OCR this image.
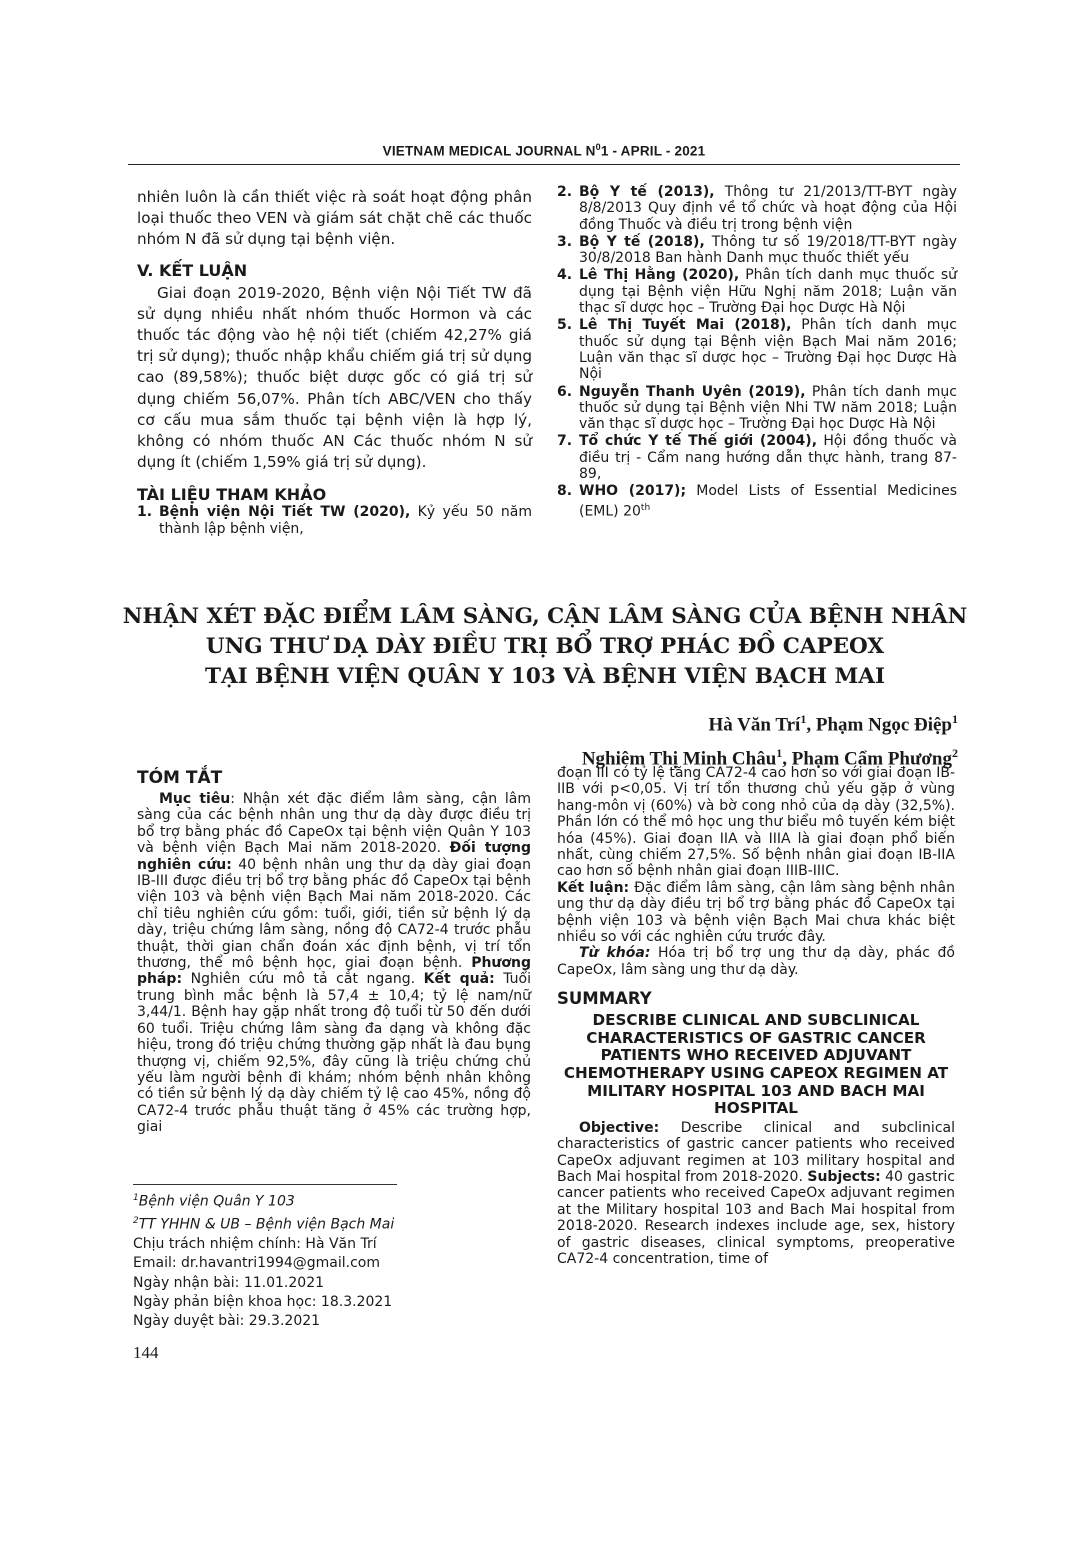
VIETNAM MEDICAL JOURNAL $N^01$ - APRIL - 2021
nhiên luôn là cần thiết việc rà soát hoạt động phân loại thuốc theo VEN và giám sát chặt chẽ các thuốc nhóm N đã sử dụng tại bệnh viện.
V. KẾT LUẬN

Giai đoạn 2019-2020, Bệnh viện Nội Tiết TW đã sử dụng nhiều nhất nhóm thuốc Hormon và các thuốc tác động vào hệ nội tiết (chiếm 42,27% giá trị sử dụng); thuốc nhập khẩu chiếm giá trị sử dụng cao (89,58%); thuốc biệt dược gốc có giá trị sử dụng chiếm 56,07%. Phân tích ABC/VEN cho thấy cơ cấu mua sắm thuốc tại bệnh viện là hợp lý, không có nhóm thuốc AN Các thuốc nhóm N sử dụng ít (chiếm 1,59% giá trị sử dụng).

TÀI LIỆU THAM KHẢO
1. Bệnh viện Nội Tiết TW (2020), Kỷ yếu 50 năm thành lập bệnh viện,
2. Bộ Y tế (2013), Thông tư 21/2013/TT-BYT ngày 8/8/2013 Quy định về tổ chức và hoạt động của Hội đồng Thuốc và điều trị trong bệnh viện
3. Bộ Y tế (2018), Thông tư số 19/2018/TT-BYT ngày 30/8/2018 Ban hành Danh mục thuốc thiết yếu
4. Lê Thị Hằng (2020), Phân tích danh mục thuốc sử dụng tại Bệnh viện Hữu Nghị năm 2018; Luận văn thạc sĩ dược học – Trường Đại học Dược Hà Nội
5. Lê Thị Tuyết Mai (2018), Phân tích danh mục thuốc sử dụng tại Bệnh viện Bạch Mai năm 2016; Luận văn thạc sĩ dược học – Trường Đại học Dược Hà Nội
6. Nguyễn Thanh Uyên (2019), Phân tích danh mục thuốc sử dụng tại Bệnh viện Nhi TW năm 2018; Luận văn thạc sĩ dược học – Trường Đại học Dược Hà Nội
7. Tổ chức Y tế Thế giới (2004), Hội đồng thuốc và điều trị - Cẩm nang hướng dẫn thực hành, trang 87-89,
8. WHO (2017); Model Lists of Essential Medicines (EML) 20th
NHẬN XÉT ĐẶC ĐIỂM LÂM SÀNG, CẬN LÂM SÀNG CỦA BỆNH NHÂN
UNG THƯ DẠ DÀY ĐIỀU TRỊ BỔ TRỢ PHÁC ĐỒ CAPEOX
TẠI BỆNH VIỆN QUÂN Y 103 VÀ BỆNH VIỆN BẠCH MAI
Hà Văn Trí$^1$, Phạm Ngọc Điệp$^1$
Nghiêm Thị Minh Châu$^1$, Phạm Cẩm Phương$^2$
TÓM TẮT

Mục tiêu: Nhận xét đặc điểm lâm sàng, cận lâm sàng của các bệnh nhân ung thư dạ dày được điều trị bổ trợ bằng phác đồ CapeOx tại bệnh viện Quân Y 103 và bệnh viện Bạch Mai năm 2018-2020. Đối tượng nghiên cứu: 40 bệnh nhân ung thư dạ dày giai đoạn IB-III được điều trị bổ trợ bằng phác đồ CapeOx tại bệnh viện 103 và bệnh viện Bạch Mai năm 2018-2020. Các chỉ tiêu nghiên cứu gồm: tuổi, giới, tiền sử bệnh lý dạ dày, triệu chứng lâm sàng, nồng độ CA72-4 trước phẫu thuật, thời gian chẩn đoán xác định bệnh, vị trí tổn thương, thể mô bệnh học, giai đoạn bệnh. Phương pháp: Nghiên cứu mô tả cắt ngang. Kết quả: Tuổi trung bình mắc bệnh là 57,4 ± 10,4; tỷ lệ nam/nữ 3,44/1. Bệnh hay gặp nhất trong độ tuổi từ 50 đến dưới 60 tuổi. Triệu chứng lâm sàng đa dạng và không đặc hiệu, trong đó triệu chứng thường gặp nhất là đau bụng thượng vị, chiếm 92,5%, đây cũng là triệu chứng chủ yếu làm người bệnh đi khám; nhóm bệnh nhân không có tiền sử bệnh lý dạ dày chiếm tỷ lệ cao 45%, nồng độ CA72-4 trước phẫu thuật tăng ở 45% các trường hợp, giai

đoạn III có tỷ lệ tăng CA72-4 cao hơn so với giai đoạn IB-IIB với p<0,05. Vị trí tổn thương chủ yếu gặp ở vùng hang-môn vị (60%) và bờ cong nhỏ của dạ dày (32,5%). Phần lớn có thể mô học ung thư biểu mô tuyến kém biệt hóa (45%). Giai đoạn IIA và IIIA là giai đoạn phổ biến nhất, cùng chiếm 27,5%. Số bệnh nhân giai đoạn IB-IIA cao hơn số bệnh nhân giai đoạn IIIB-IIIC.

Kết luận: Đặc điểm lâm sàng, cận lâm sàng bệnh nhân ung thư dạ dày điều trị bổ trợ bằng phác đồ CapeOx tại bệnh viện 103 và bệnh viện Bạch Mai chưa khác biệt nhiều so với các nghiên cứu trước đây.

Từ khóa: Hóa trị bổ trợ ung thư dạ dày, phác đồ CapeOx, lâm sàng ung thư dạ dày.

SUMMARY
DESCRIBE CLINICAL AND SUBCLINICAL CHARACTERISTICS OF GASTRIC CANCER PATIENTS WHO RECEIVED ADJUVANT CHEMOTHERAPY USING CAPEOX REGIMEN AT MILITARY HOSPITAL 103 AND BACH MAI HOSPITAL

Objective: Describe clinical and subclinical characteristics of gastric cancer patients who received CapeOx adjuvant regimen at 103 military hospital and Bach Mai hospital from 2018-2020. Subjects: 40 gastric cancer patients who received CapeOx adjuvant regimen at the Military hospital 103 and Bach Mai hospital from 2018-2020. Research indexes include age, sex, history of gastric diseases, clinical symptoms, preoperative CA72-4 concentration, time of

$^1$Bệnh viện Quân Y 103
$^2$TT YHHN & UB – Bệnh viện Bạch Mai
Chịu trách nhiệm chính: Hà Văn Trí
Email: dr.havantri1994@gmail.com
Ngày nhận bài: 11.01.2021
Ngày phản biện khoa học: 18.3.2021
Ngày duyệt bài: 29.3.2021
144
